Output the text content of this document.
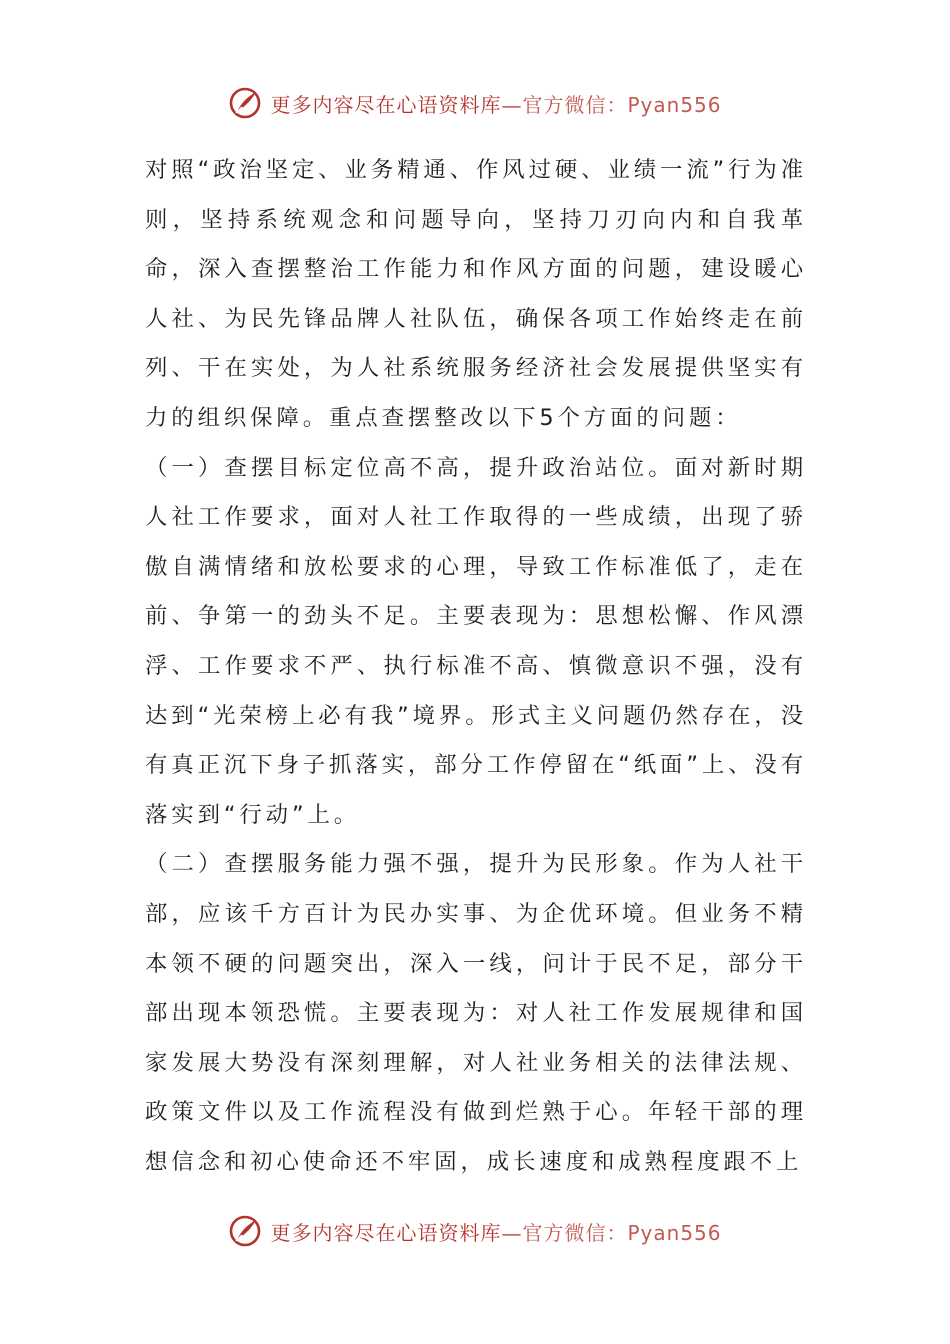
更多内容尽在心语资料库—官方微信：Pyan556

对照“政治坚定、业务精通、作风过硬、业绩一流”行为准则，坚持系统观念和问题导向，坚持刀刃向内和自我革命，深入查摆整治工作能力和作风方面的问题，建设暖心人社、为民先锋品牌人社队伍，确保各项工作始终走在前列、干在实处，为人社系统服务经济社会发展提供坚实有力的组织保障。重点查摆整改以下5个方面的问题：

（一）查摆目标定位高不高，提升政治站位。面对新时期人社工作要求，面对人社工作取得的一些成绩，出现了骄傲自满情绪和放松要求的心理，导致工作标准低了，走在前、争第一的劲头不足。主要表现为：思想松懈、作风漂浮、工作要求不严、执行标准不高、慎微意识不强，没有达到“光荣榜上必有我”境界。形式主义问题仍然存在，没有真正沉下身子抓落实，部分工作停留在“纸面”上、没有落实到“行动”上。

（二）查摆服务能力强不强，提升为民形象。作为人社干部，应该千方百计为民办实事、为企优环境。但业务不精本领不硬的问题突出，深入一线，问计于民不足，部分干部出现本领恐慌。主要表现为：对人社工作发展规律和国家发展大势没有深刻理解，对人社业务相关的法律法规、政策文件以及工作流程没有做到烂熟于心。年轻干部的理想信念和初心使命还不牢固，成长速度和成熟程度跟不上

更多内容尽在心语资料库—官方微信：Pyan556
